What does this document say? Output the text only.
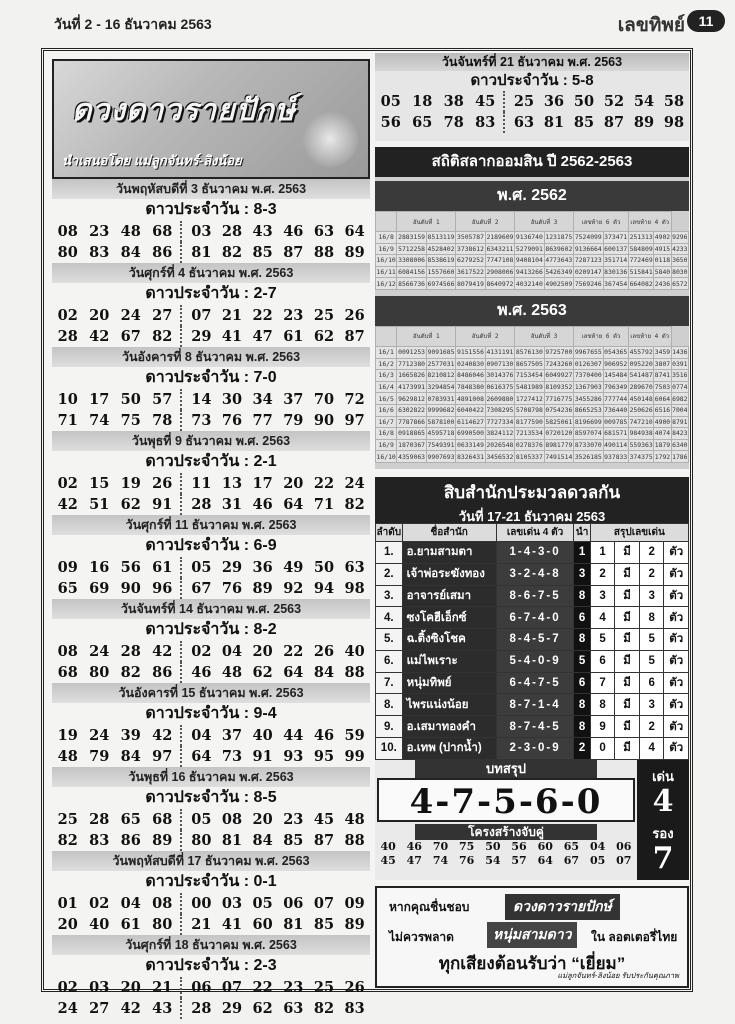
วันที่ 2 - 16 ธันวาคม 2563	เลขทิพย์ 11
ดวงดาวรายปักษ์
นำเสนอโดย แม่ลูกจันทร์-ลิงน้อย
วันพฤหัสบดีที่ 3 ธันวาคม พ.ศ. 2563
ดาวประจำวัน : 8-3
08 23 48 68 03 28 43 46 63 64
80 83 84 86 81 82 85 87 88 89
วันศุกร์ที่ 4 ธันวาคม พ.ศ. 2563
ดาวประจำวัน : 2-7
02 20 24 27 07 21 22 23 25 26
28 42 67 82 29 41 47 61 62 87
วันอังคารที่ 8 ธันวาคม พ.ศ. 2563
ดาวประจำวัน : 7-0
10 17 50 57 14 30 34 37 70 72
71 74 75 78 73 76 77 79 90 97
วันพุธที่ 9 ธันวาคม พ.ศ. 2563
ดาวประจำวัน : 2-1
02 15 19 26 11 13 17 20 22 24
42 51 62 91 28 31 46 64 71 82
วันศุกร์ที่ 11 ธันวาคม พ.ศ. 2563
ดาวประจำวัน : 6-9
09 16 56 61 05 29 36 49 50 63
65 69 90 96 67 76 89 92 94 98
วันจันทร์ที่ 14 ธันวาคม พ.ศ. 2563
ดาวประจำวัน : 8-2
08 24 28 42 02 04 20 22 26 40
68 80 82 86 46 48 62 64 84 88
วันอังคารที่ 15 ธันวาคม พ.ศ. 2563
ดาวประจำวัน : 9-4
19 24 39 42 04 37 40 44 46 59
48 79 84 97 64 73 91 93 95 99
วันพุธที่ 16 ธันวาคม พ.ศ. 2563
ดาวประจำวัน : 8-5
25 28 65 68 05 08 20 23 45 48
82 83 86 89 80 81 84 85 87 88
วันพฤหัสบดีที่ 17 ธันวาคม พ.ศ. 2563
ดาวประจำวัน : 0-1
01 02 04 08 00 03 05 06 07 09
20 40 61 80 21 41 60 81 85 89
วันศุกร์ที่ 18 ธันวาคม พ.ศ. 2563
ดาวประจำวัน : 2-3
02 03 20 21 06 07 22 23 25 26
24 27 42 43 28 29 62 63 82 83
วันจันทร์ที่ 21 ธันวาคม พ.ศ. 2563
ดาวประจำวัน : 5-8
05 18 38 45 25 36 50 52 54 58
56 65 78 83 63 81 85 87 89 98
สถิติสลากออมสิน ปี 2562-2563
พ.ศ. 2562
	อันดับที่ 1		อันดับที่ 2		อันดับที่ 3		เลขท้าย 6 ตัว		เลขท้าย 4 ตัว		
16/8	2883159	8513119	3505787	2189609	9136740	1231875	7524099	373471	251313	4902	9296
16/9	5712258	4528402	3738612	6343211	5279091	8639602	9136664	600137	584809	4915	4233
16/10	3308006	8538619	6279252	7747108	9408104	4773643	7287123	351714	772469	0118	3650
16/11	6084156	1557660	3617522	2908006	9413266	5426349	0209147	830136	515841	5840	8030
16/12	8566736	6974566	8079419	8640972	4032140	4902509	7569246	367454	664082	2436	6572
พ.ศ. 2563
	อันดับที่ 1		อันดับที่ 2		อันดับที่ 3		เลขท้าย 6 ตัว		เลขท้าย 4 ตัว		
16/1	0091253	9091685	9151556	4131191	8576130	9725700	9967655	054365	455792	3459	1436
16/2	7712380	2577031	0240830	0907130	8657505	7243260	0126307	906952	095220	3807	0391
16/3	1665826	8210812	8486046	3014376	7153454	6049927	7370400	145484	541487	8741	3516
16/4	4173991	3294854	7848380	0616375	5481989	8109352	1367903	796349	289670	7503	0774
16/5	9629812	0783931	4891008	2609880	1727412	7716775	3455286	777744	450148	6064	6982
16/6	6302822	9999682	6040422	7308295	5708798	0754236	8665253	736440	250626	6516	7004
16/7	7787866	5878100	6114627	7727334	8177590	5825061	8196699	009785	747210	4900	8791
16/8	0918865	4595718	6990500	3824112	7213534	0720120	8597074	681571	984938	4074	8423
16/9	1870367	7549391	0633149	2026548	0278376	8981779	8733070	490114	559363	1879	6340
16/10	4359063	9907693	8326431	3456532	8105337	7491514	3526185	937833	374375	1792	1786
สิบสำนักประมวลดวลกัน
วันที่ 17-21 ธันวาคม 2563
ลำดับ	ชื่อสำนัก	เลขเด่น 4 ตัว	นำ	สรุปเลขเด่น			
1.	อ.ยามสามตา	1-4-3-0	1	1	มี	2	ตัว
2.	เจ้าพ่อระฆังทอง	3-2-4-8	3	2	มี	2	ตัว
3.	อาจารย์เสมา	8-6-7-5	8	3	มี	3	ตัว
4.	ซงโคฮีเอ็กซ์	6-7-4-0	6	4	มี	8	ตัว
5.	ฉ.ติ้งซิงโชค	8-4-5-7	8	5	มี	5	ตัว
6.	แม่ไพเราะ	5-4-0-9	5	6	มี	5	ตัว
7.	หนุ่มทิพย์	6-4-7-5	6	7	มี	6	ตัว
8.	ไพรแน่งน้อย	8-7-1-4	8	8	มี	3	ตัว
9.	อ.เสมาทองคำ	8-7-4-5	8	9	มี	2	ตัว
10.	อ.เทพ (ปากน้ำ)	2-3-0-9	2	0	มี	4	ตัว
บทสรุป
4-7-5-6-0
โครงสร้างจับคู่
40 46 70 75 50 56 60 65 04 06
45 47 74 76 54 57 64 67 05 07
เด่น
4
รอง
7
หากคุณชื่นชอบ	ดวงดาวรายปักษ์
ไม่ควรพลาด	หนุ่มสามดาว	ใน ลอตเตอรี่ไทย
ทุกเสียงต้อนรับว่า “เยี่ยม”
แม่ลูกจันทร์-ลิงน้อย รับประกันคุณภาพ
